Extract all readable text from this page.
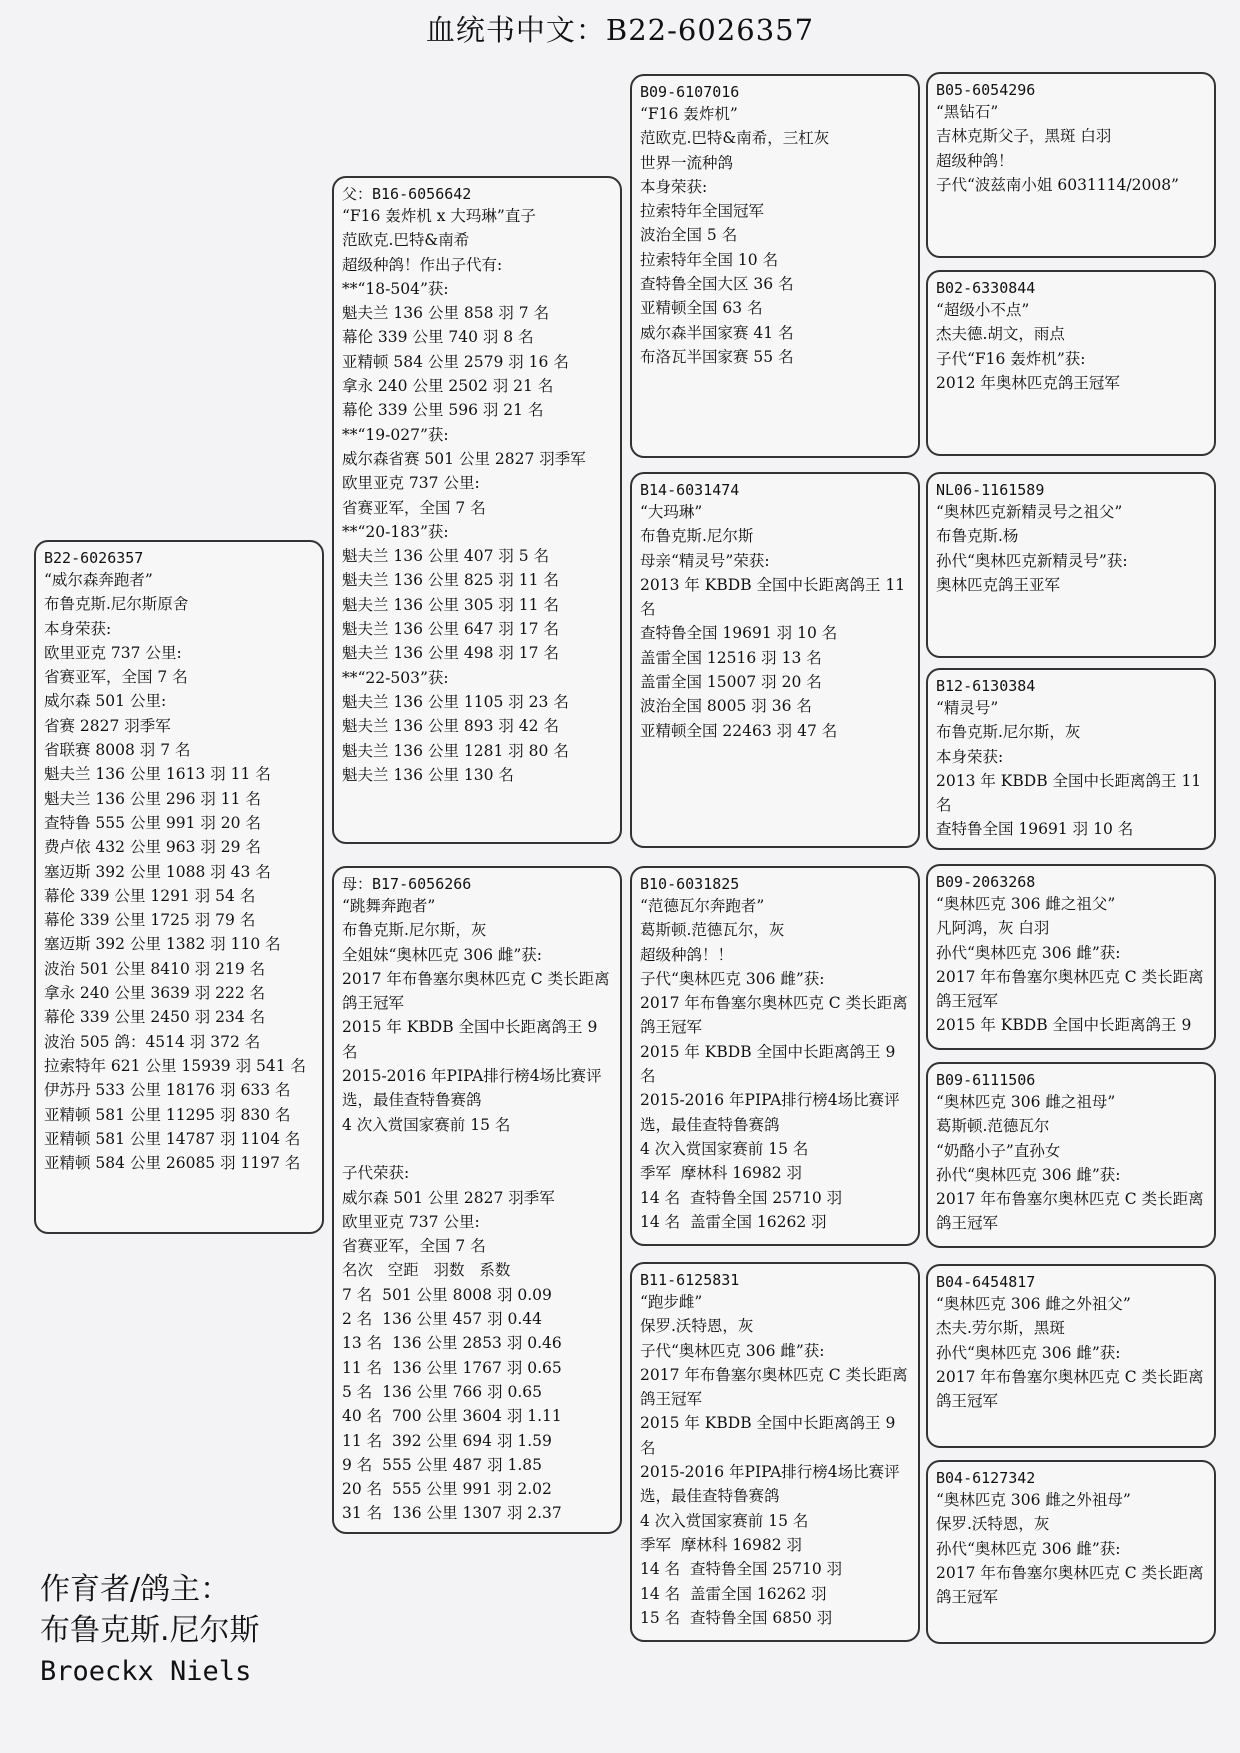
血统书中文：B22-6026357
B22-6026357
“威尔森奔跑者”
布鲁克斯.尼尔斯原舍
本身荣获:
欧里亚克 737 公里:
省赛亚军，全国 7 名
威尔森 501 公里:
省赛 2827 羽季军
省联赛 8008 羽 7 名
魁夫兰 136 公里 1613 羽 11 名
魁夫兰 136 公里 296 羽 11 名
查特鲁 555 公里 991 羽 20 名
费卢依 432 公里 963 羽 29 名
塞迈斯 392 公里 1088 羽 43 名
幕伦 339 公里 1291 羽 54 名
幕伦 339 公里 1725 羽 79 名
塞迈斯 392 公里 1382 羽 110 名
波治 501 公里 8410 羽 219 名
拿永 240 公里 3639 羽 222 名
幕伦 339 公里 2450 羽 234 名
波治 505 鸽：4514 羽 372 名
拉索特年 621 公里 15939 羽 541 名
伊苏丹 533 公里 18176 羽 633 名
亚精顿 581 公里 11295 羽 830 名
亚精顿 581 公里 14787 羽 1104 名
亚精顿 584 公里 26085 羽 1197 名
父：B16-6056642
“F16 轰炸机 x 大玛琳”直子
范欧克.巴特&南希
超级种鸽！作出子代有:
**“18-504”获:
魁夫兰 136 公里 858 羽 7 名
幕伦 339 公里 740 羽 8 名
亚精顿 584 公里 2579 羽 16 名
拿永 240 公里 2502 羽 21 名
幕伦 339 公里 596 羽 21 名
**“19-027”获:
威尔森省赛 501 公里 2827 羽季军
欧里亚克 737 公里:
省赛亚军，全国 7 名
**“20-183”获:
魁夫兰 136 公里 407 羽 5 名
魁夫兰 136 公里 825 羽 11 名
魁夫兰 136 公里 305 羽 11 名
魁夫兰 136 公里 647 羽 17 名
魁夫兰 136 公里 498 羽 17 名
**“22-503”获:
魁夫兰 136 公里 1105 羽 23 名
魁夫兰 136 公里 893 羽 42 名
魁夫兰 136 公里 1281 羽 80 名
魁夫兰 136 公里 130 名
母：B17-6056266
“跳舞奔跑者”
布鲁克斯.尼尔斯，灰
全姐妹“奥林匹克 306 雌”获:
2017 年布鲁塞尔奥林匹克 C 类长距离鸽王冠军
2015 年 KBDB 全国中长距离鸽王 9 名
2015-2016 年PIPA排行榜4场比赛评选，最佳查特鲁赛鸽
4 次入赏国家赛前 15 名

子代荣获:
威尔森 501 公里 2827 羽季军
欧里亚克 737 公里:
省赛亚军，全国 7 名
名次   空距   羽数   系数
7 名  501 公里 8008 羽 0.09
2 名  136 公里 457 羽 0.44
13 名  136 公里 2853 羽 0.46
11 名  136 公里 1767 羽 0.65
5 名  136 公里 766 羽 0.65
40 名  700 公里 3604 羽 1.11
11 名  392 公里 694 羽 1.59
9 名  555 公里 487 羽 1.85
20 名  555 公里 991 羽 2.02
31 名  136 公里 1307 羽 2.37
B09-6107016
“F16 轰炸机”
范欧克.巴特&南希，三杠灰
世界一流种鸽
本身荣获:
拉索特年全国冠军
波治全国 5 名
拉索特年全国 10 名
查特鲁全国大区 36 名
亚精顿全国 63 名
威尔森半国家赛 41 名
布洛瓦半国家赛 55 名
B14-6031474
“大玛琳”
布鲁克斯.尼尔斯
母亲“精灵号”荣获:
2013 年 KBDB 全国中长距离鸽王 11 名
查特鲁全国 19691 羽 10 名
盖雷全国 12516 羽 13 名
盖雷全国 15007 羽 20 名
波治全国 8005 羽 36 名
亚精顿全国 22463 羽 47 名
B10-6031825
“范德瓦尔奔跑者”
葛斯顿.范德瓦尔，灰
超级种鸽！！
子代“奥林匹克 306 雌”获:
2017 年布鲁塞尔奥林匹克 C 类长距离鸽王冠军
2015 年 KBDB 全国中长距离鸽王 9 名
2015-2016 年PIPA排行榜4场比赛评选，最佳查特鲁赛鸽
4 次入赏国家赛前 15 名
季军  摩林科 16982 羽
14 名  查特鲁全国 25710 羽
14 名  盖雷全国 16262 羽
B11-6125831
“跑步雌”
保罗.沃特恩，灰
子代“奥林匹克 306 雌”获:
2017 年布鲁塞尔奥林匹克 C 类长距离鸽王冠军
2015 年 KBDB 全国中长距离鸽王 9 名
2015-2016 年PIPA排行榜4场比赛评选，最佳查特鲁赛鸽
4 次入赏国家赛前 15 名
季军  摩林科 16982 羽
14 名  查特鲁全国 25710 羽
14 名  盖雷全国 16262 羽
15 名  查特鲁全国 6850 羽
B05-6054296
“黑钻石”
吉林克斯父子，黑斑 白羽
超级种鸽！
子代“波兹南小姐 6031114/2008”
B02-6330844
“超级小不点”
杰夫德.胡文，雨点
子代“F16 轰炸机”获:
2012 年奥林匹克鸽王冠军
NL06-1161589
“奥林匹克新精灵号之祖父”
布鲁克斯.杨
孙代“奥林匹克新精灵号”获:
奥林匹克鸽王亚军
B12-6130384
“精灵号”
布鲁克斯.尼尔斯，灰
本身荣获:
2013 年 KBDB 全国中长距离鸽王 11 名
查特鲁全国 19691 羽 10 名
B09-2063268
“奥林匹克 306 雌之祖父”
凡阿鸿，灰 白羽
孙代“奥林匹克 306 雌”获:
2017 年布鲁塞尔奥林匹克 C 类长距离鸽王冠军
2015 年 KBDB 全国中长距离鸽王 9
B09-6111506
“奥林匹克 306 雌之祖母”
葛斯顿.范德瓦尔
“奶酪小子”直孙女
孙代“奥林匹克 306 雌”获:
2017 年布鲁塞尔奥林匹克 C 类长距离鸽王冠军
B04-6454817
“奥林匹克 306 雌之外祖父”
杰夫.劳尔斯，黑斑
孙代“奥林匹克 306 雌”获:
2017 年布鲁塞尔奥林匹克 C 类长距离鸽王冠军
B04-6127342
“奥林匹克 306 雌之外祖母”
保罗.沃特恩，灰
孙代“奥林匹克 306 雌”获:
2017 年布鲁塞尔奥林匹克 C 类长距离鸽王冠军
作育者/鸽主：
布鲁克斯.尼尔斯
Broeckx Niels
